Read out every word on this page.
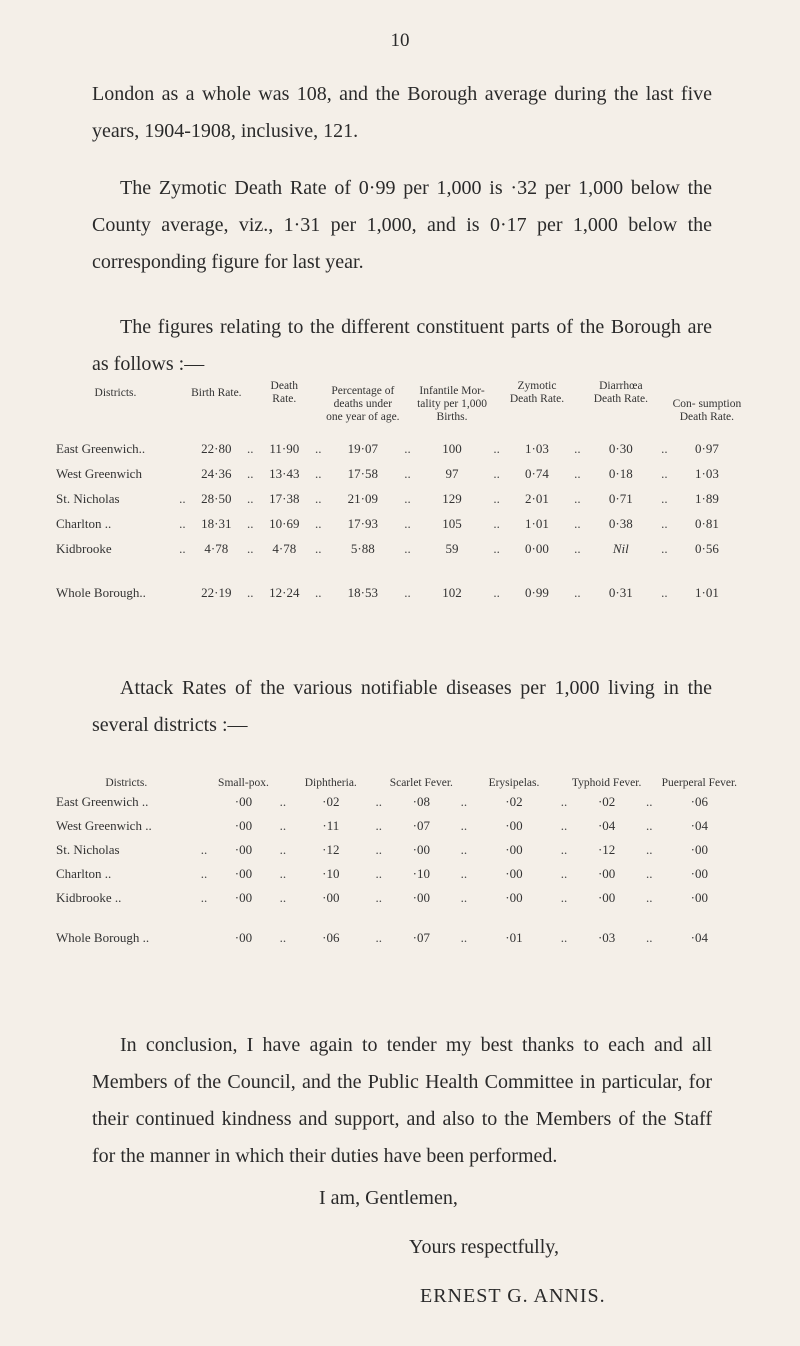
10

London as a whole was 108, and the Borough average during the last five years, 1904-1908, inclusive, 121.

The Zymotic Death Rate of 0·99 per 1,000 is ·32 per 1,000 below the County average, viz., 1·31 per 1,000, and is 0·17 per 1,000 below the corresponding figure for last year.

The figures relating to the different constituent parts of the Borough are as follows :—

Districts.		Birth Rate.		Death Rate.		Percentage of deaths under one year of age.		Infantile Mor- tality per 1,000 Births.		Zymotic Death Rate.		Diarrhœa Death Rate.		Con- sumption Death Rate.

East Greenwich..		22·80	..	11·90	..	19·07	..	100	..	1·03	..	0·30	..	0·97
West Greenwich		24·36	..	13·43	..	17·58	..	97	..	0·74	..	0·18	..	1·03
St. Nicholas	..	28·50	..	17·38	..	21·09	..	129	..	2·01	..	0·71	..	1·89
Charlton ..	..	18·31	..	10·69	..	17·93	..	105	..	1·01	..	0·38	..	0·81
Kidbrooke	..	4·78	..	4·78	..	5·88	..	59	..	0·00	..	Nil	..	0·56
Whole Borough..		22·19	..	12·24	..	18·53	..	102	..	0·99	..	0·31	..	1·01

Attack Rates of the various notifiable diseases per 1,000 living in the several districts :—

Districts.		Small-pox.		Diphtheria.		Scarlet Fever.		Erysipelas.		Typhoid Fever.		Puerperal Fever.
East Greenwich ..		·00	..	·02	..	·08	..	·02	..	·02	..	·06
West Greenwich ..		·00	..	·11	..	·07	..	·00	..	·04	..	·04
St. Nicholas	..	·00	..	·12	..	·00	..	·00	..	·12	..	·00
Charlton ..	..	·00	..	·10	..	·10	..	·00	..	·00	..	·00
Kidbrooke ..	..	·00	..	·00	..	·00	..	·00	..	·00	..	·00
Whole Borough ..		·00	..	·06	..	·07	..	·01	..	·03	..	·04

In conclusion, I have again to tender my best thanks to each and all Members of the Council, and the Public Health Committee in particular, for their continued kindness and support, and also to the Members of the Staff for the manner in which their duties have been performed.

I am, Gentlemen,
Yours respectfully,
ERNEST G. ANNIS.
